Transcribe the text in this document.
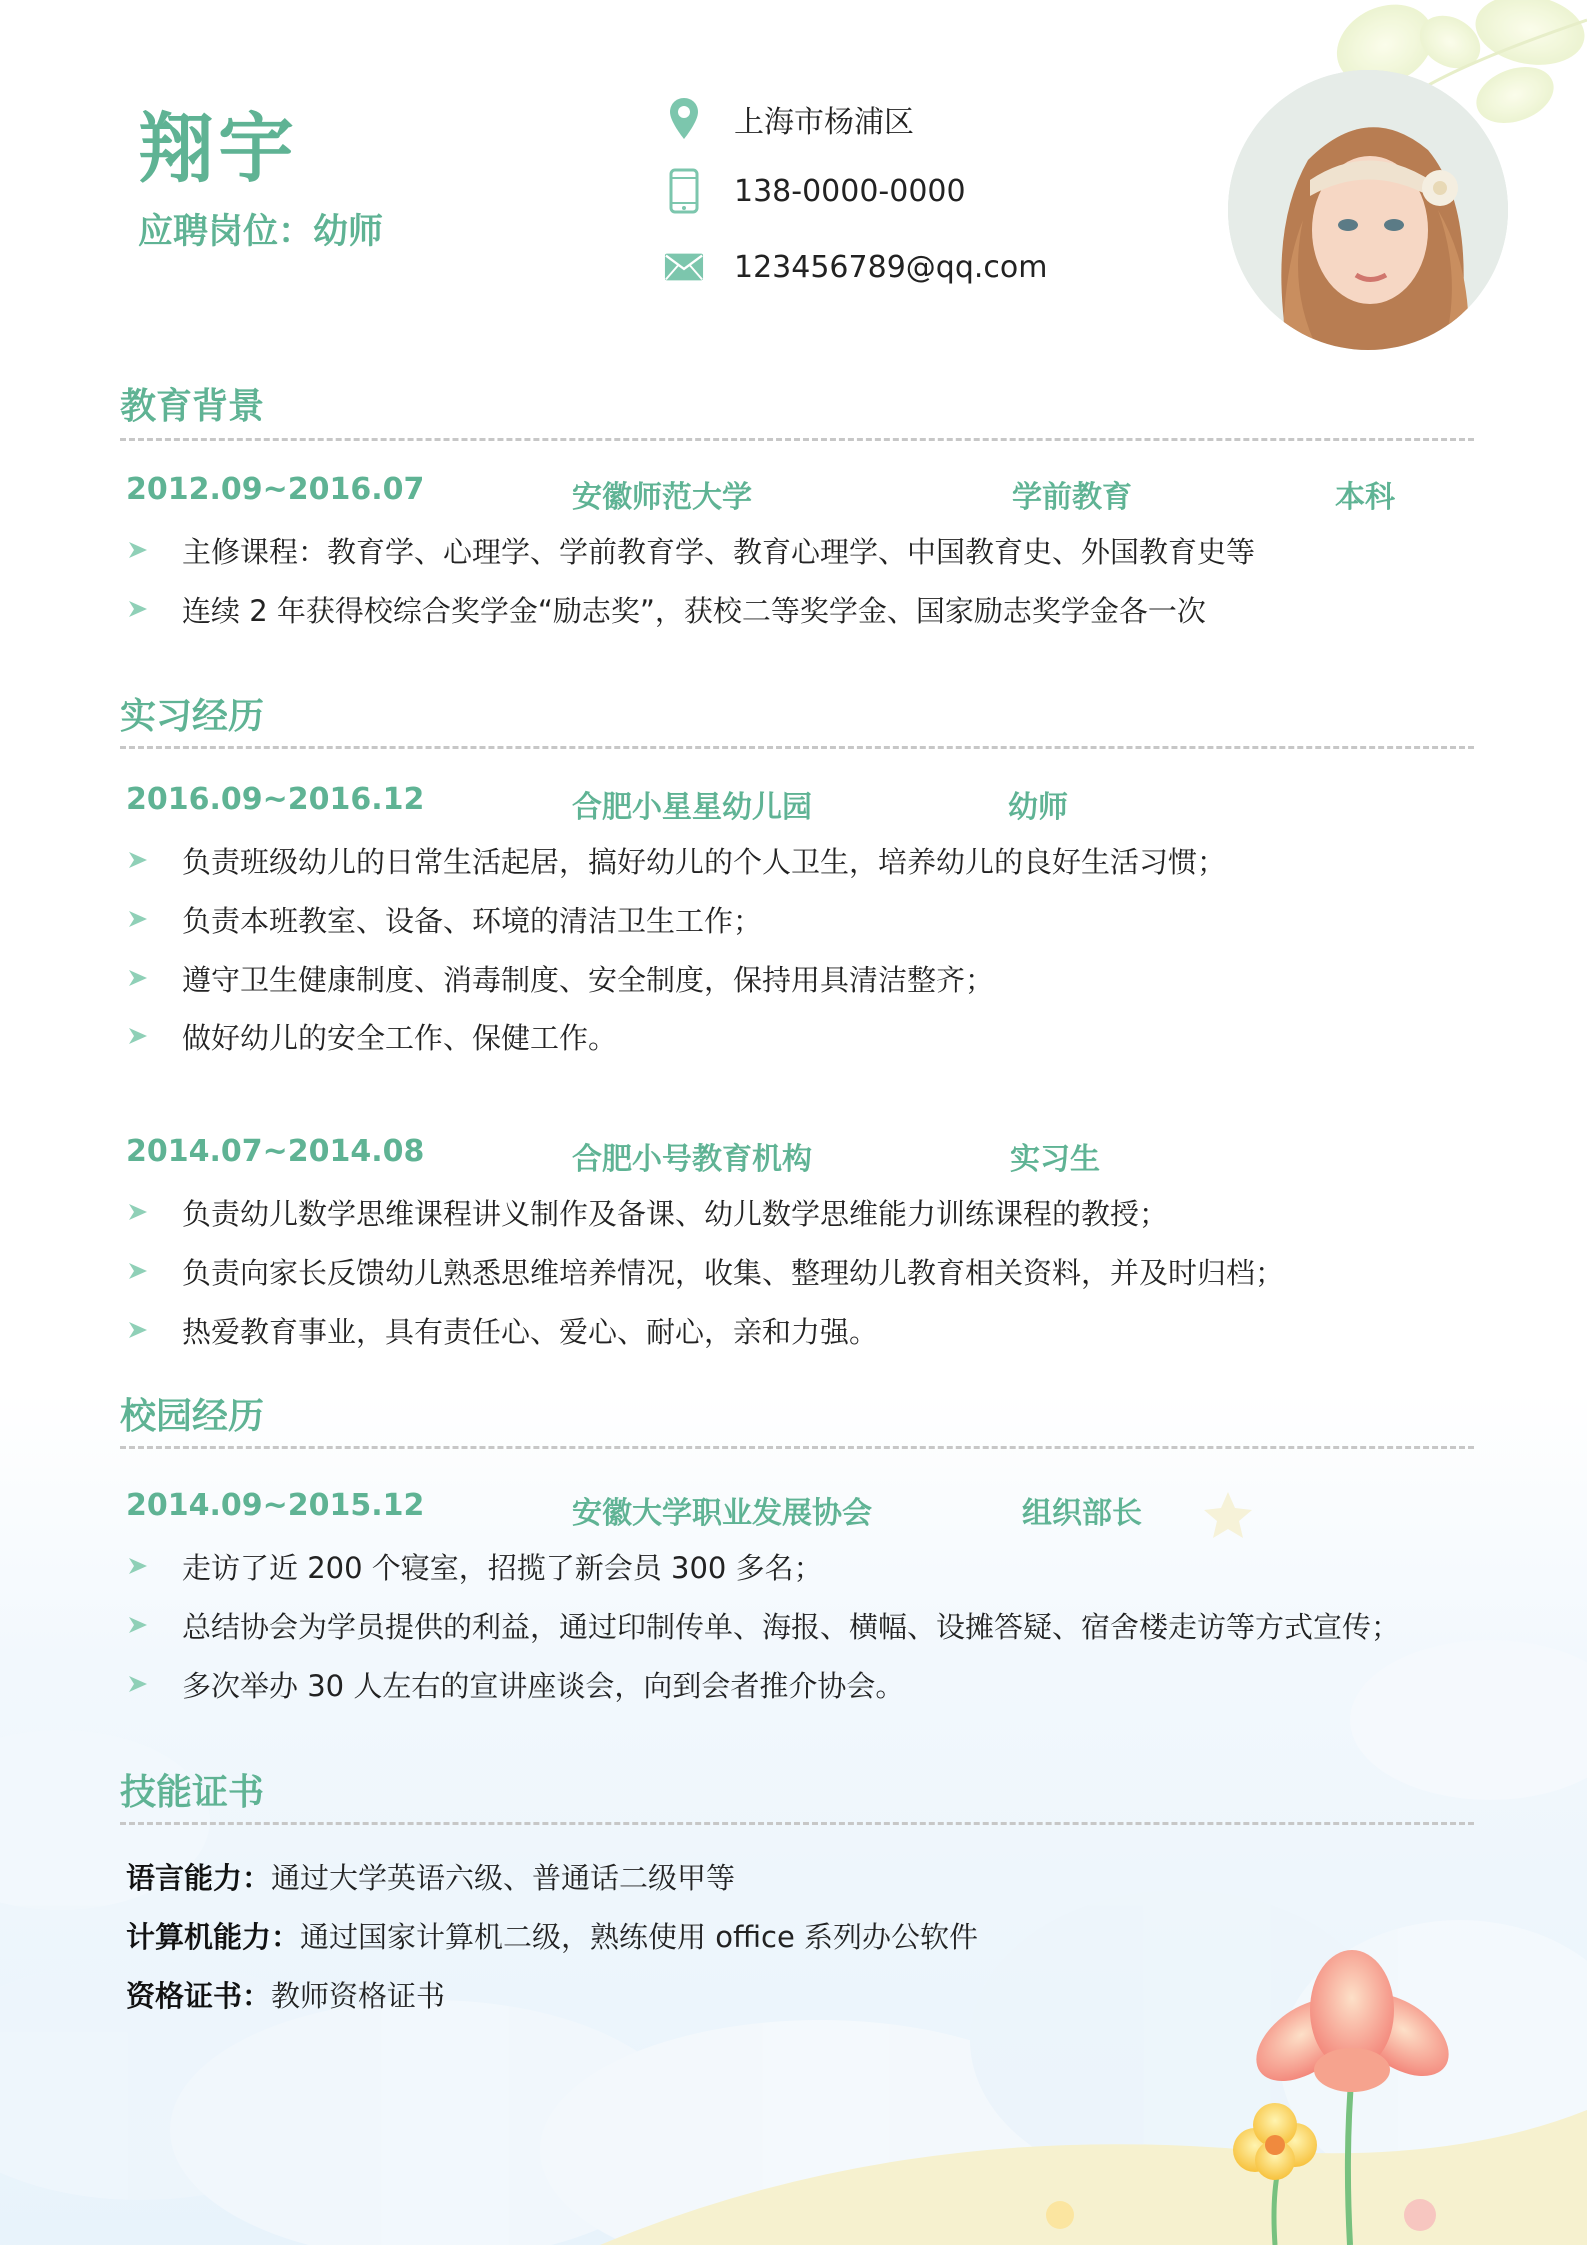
翔宇
应聘岗位：幼师
上海市杨浦区
138-0000-0000
123456789@qq.com
教育背景
2012.09~2016.07	安徽师范大学	学前教育	本科
主修课程：教育学、心理学、学前教育学、教育心理学、中国教育史、外国教育史等
连续 2 年获得校综合奖学金“励志奖”，获校二等奖学金、国家励志奖学金各一次
实习经历
2016.09~2016.12	合肥小星星幼儿园	幼师
负责班级幼儿的日常生活起居，搞好幼儿的个人卫生，培养幼儿的良好生活习惯；
负责本班教室、设备、环境的清洁卫生工作；
遵守卫生健康制度、消毒制度、安全制度，保持用具清洁整齐；
做好幼儿的安全工作、保健工作。
2014.07~2014.08	合肥小号教育机构	实习生
负责幼儿数学思维课程讲义制作及备课、幼儿数学思维能力训练课程的教授；
负责向家长反馈幼儿熟悉思维培养情况，收集、整理幼儿教育相关资料，并及时归档；
热爱教育事业，具有责任心、爱心、耐心，亲和力强。
校园经历
2014.09~2015.12	安徽大学职业发展协会	组织部长
走访了近 200 个寝室，招揽了新会员 300 多名；
总结协会为学员提供的利益，通过印制传单、海报、横幅、设摊答疑、宿舍楼走访等方式宣传；
多次举办 30 人左右的宣讲座谈会，向到会者推介协会。
技能证书
语言能力：通过大学英语六级、普通话二级甲等
计算机能力：通过国家计算机二级，熟练使用 office 系列办公软件
资格证书：教师资格证书
